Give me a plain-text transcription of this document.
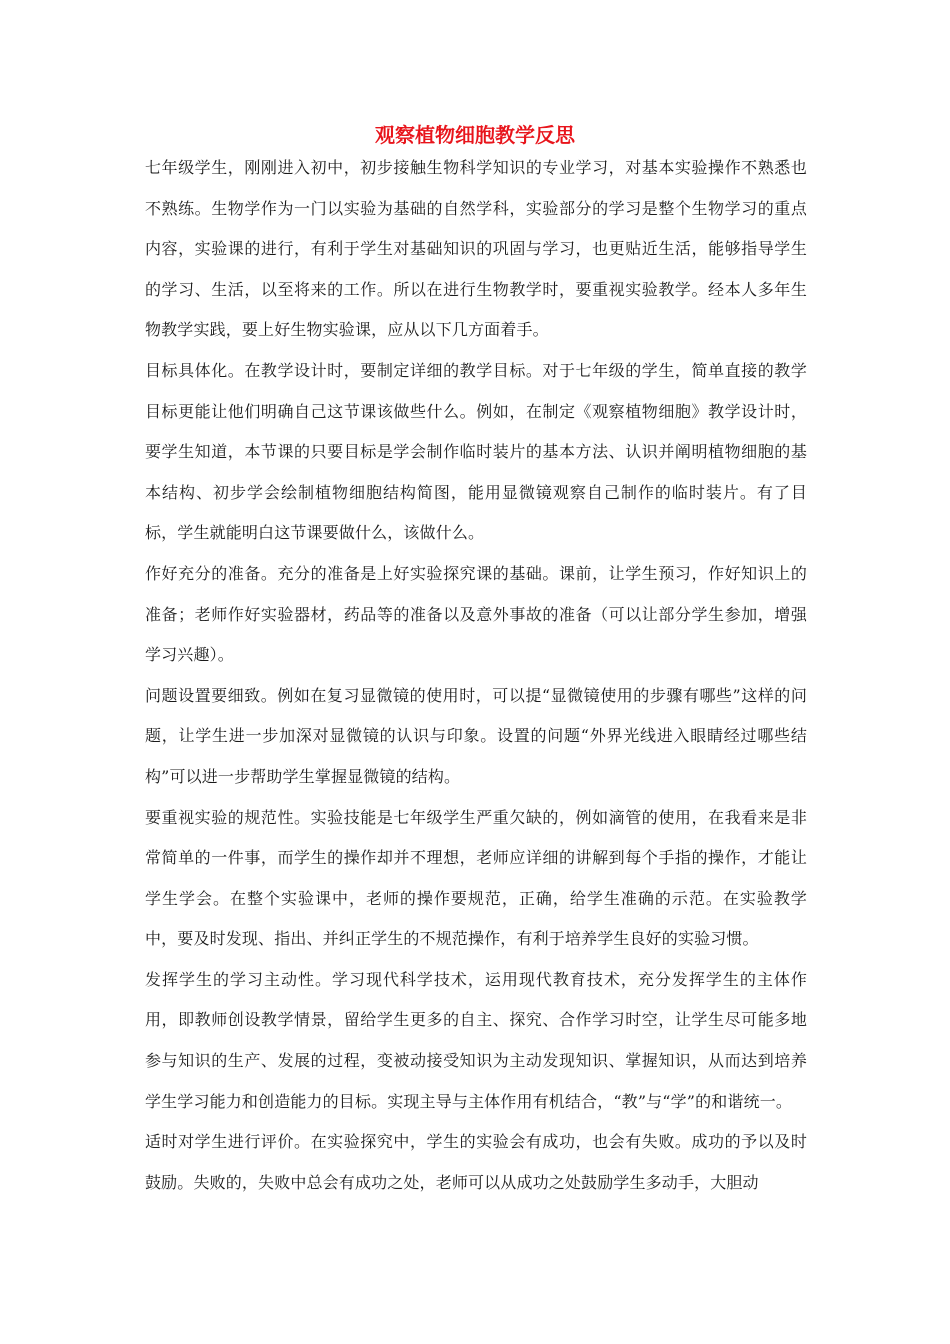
观察植物细胞教学反思

七年级学生，刚刚进入初中，初步接触生物科学知识的专业学习，对基本实验操作不熟悉也不熟练。生物学作为一门以实验为基础的自然学科，实验部分的学习是整个生物学习的重点内容，实验课的进行，有利于学生对基础知识的巩固与学习，也更贴近生活，能够指导学生的学习、生活，以至将来的工作。所以在进行生物教学时，要重视实验教学。经本人多年生物教学实践，要上好生物实验课，应从以下几方面着手。

目标具体化。在教学设计时，要制定详细的教学目标。对于七年级的学生，简单直接的教学目标更能让他们明确自己这节课该做些什么。例如，在制定《观察植物细胞》教学设计时，要学生知道，本节课的只要目标是学会制作临时装片的基本方法、认识并阐明植物细胞的基本结构、初步学会绘制植物细胞结构简图，能用显微镜观察自己制作的临时装片。有了目标，学生就能明白这节课要做什么，该做什么。

作好充分的准备。充分的准备是上好实验探究课的基础。课前，让学生预习，作好知识上的准备；老师作好实验器材，药品等的准备以及意外事故的准备（可以让部分学生参加，增强学习兴趣）。

问题设置要细致。例如在复习显微镜的使用时，可以提“显微镜使用的步骤有哪些”这样的问题，让学生进一步加深对显微镜的认识与印象。设置的问题“外界光线进入眼睛经过哪些结构”可以进一步帮助学生掌握显微镜的结构。

要重视实验的规范性。实验技能是七年级学生严重欠缺的，例如滴管的使用，在我看来是非常简单的一件事，而学生的操作却并不理想，老师应详细的讲解到每个手指的操作，才能让学生学会。在整个实验课中，老师的操作要规范，正确，给学生准确的示范。在实验教学中，要及时发现、指出、并纠正学生的不规范操作，有利于培养学生良好的实验习惯。

发挥学生的学习主动性。学习现代科学技术，运用现代教育技术，充分发挥学生的主体作用，即教师创设教学情景，留给学生更多的自主、探究、合作学习时空，让学生尽可能多地参与知识的生产、发展的过程，变被动接受知识为主动发现知识、掌握知识，从而达到培养学生学习能力和创造能力的目标。实现主导与主体作用有机结合，“教”与“学”的和谐统一。

适时对学生进行评价。在实验探究中，学生的实验会有成功，也会有失败。成功的予以及时鼓励。失败的，失败中总会有成功之处，老师可以从成功之处鼓励学生多动手，大胆动
